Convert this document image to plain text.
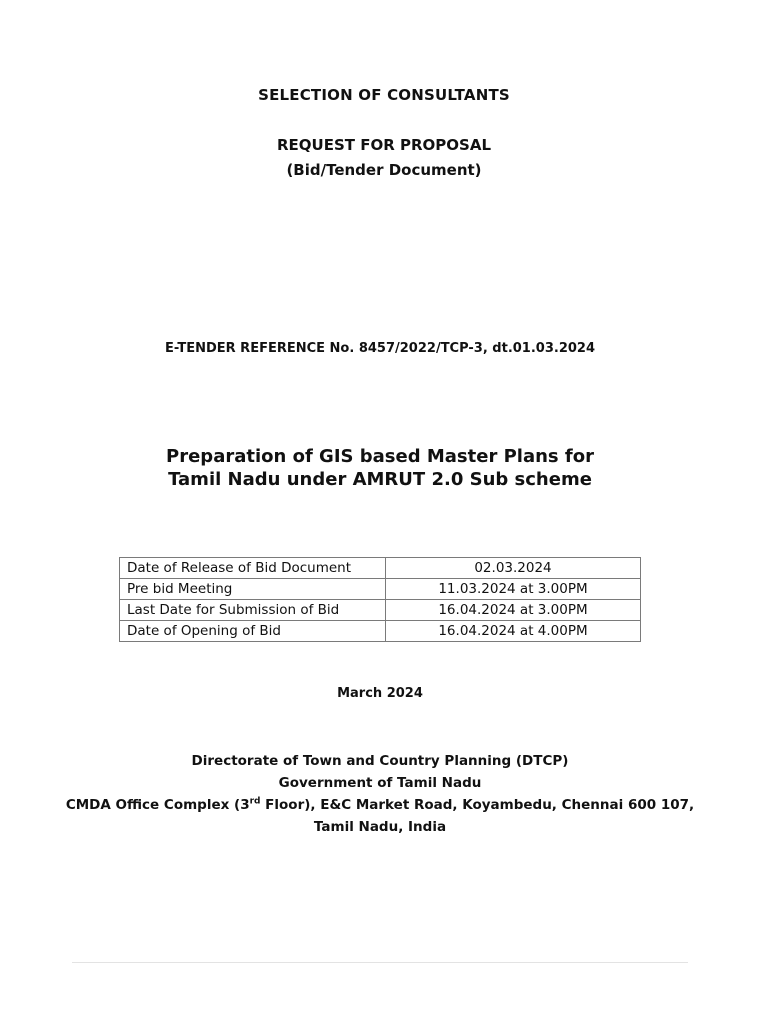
SELECTION OF CONSULTANTS
REQUEST FOR PROPOSAL
(Bid/Tender Document)
E-TENDER REFERENCE No. 8457/2022/TCP-3, dt.01.03.2024
Preparation of GIS based Master Plans for
Tamil Nadu under AMRUT 2.0 Sub scheme
Date of Release of Bid Document	02.03.2024
Pre bid Meeting	11.03.2024 at 3.00PM
Last Date for Submission of Bid	16.04.2024 at 3.00PM
Date of Opening of Bid	16.04.2024 at 4.00PM
March 2024
Directorate of Town and Country Planning (DTCP)
Government of Tamil Nadu
CMDA Office Complex (3rd Floor), E&C Market Road, Koyambedu, Chennai 600 107,
Tamil Nadu, India
